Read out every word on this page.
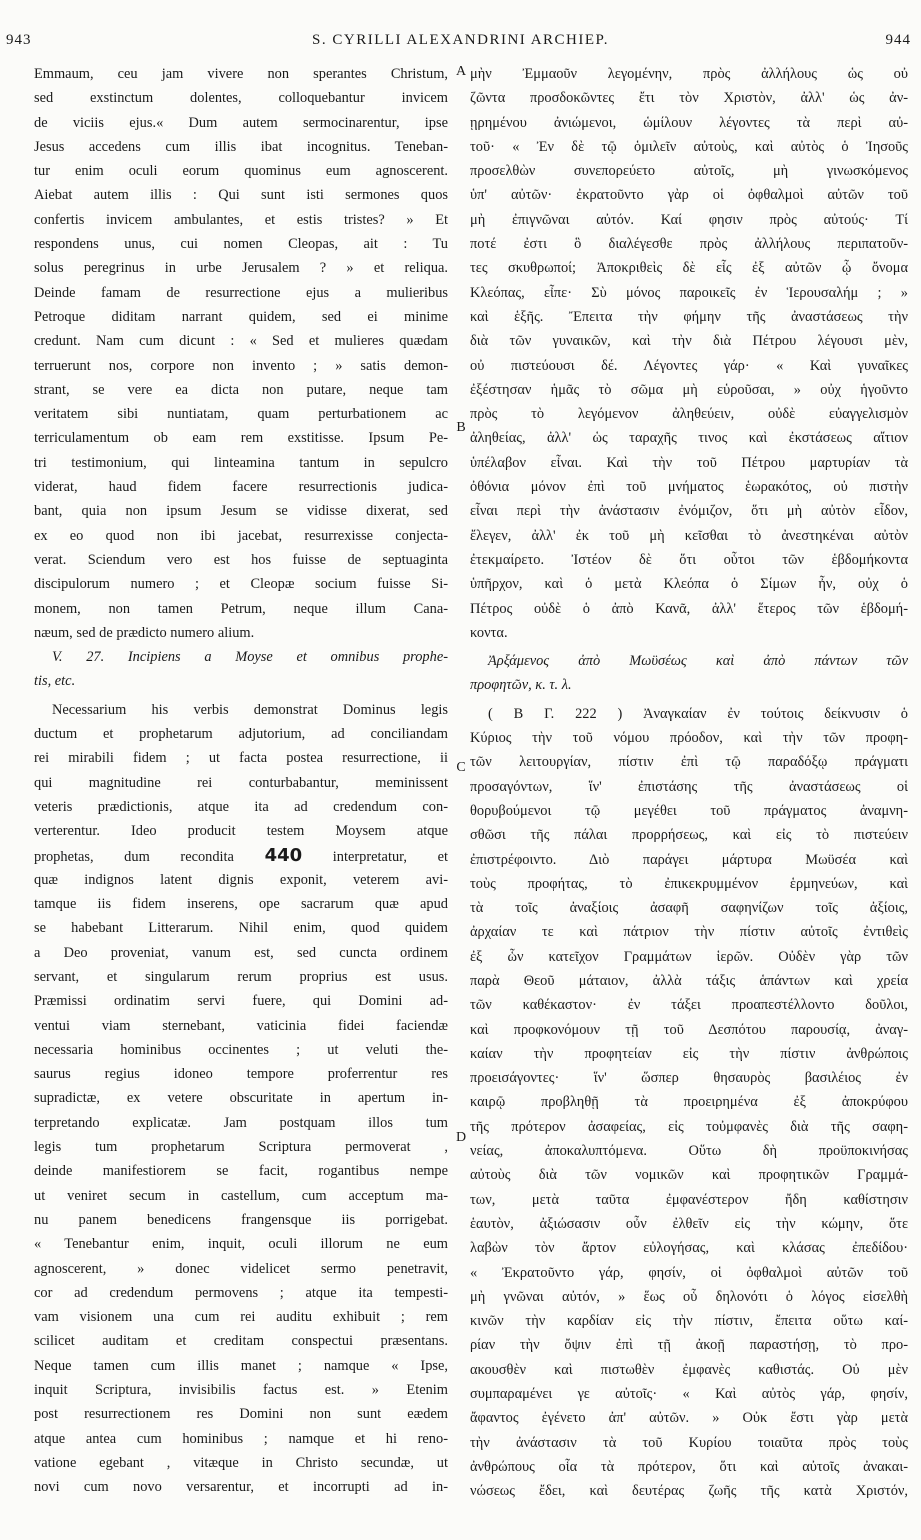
943	S. CYRILLI ALEXANDRINI ARCHIEP.	944
Emmaum, ceu jam vivere non sperantes Christum,
sed exstinctum dolentes, colloquebantur invicem
de viciis ejus.« Dum autem sermocinarentur, ipse
Jesus accedens cum illis ibat incognitus. Teneban-
tur enim oculi eorum quominus eum agnoscerent.
Aiebat autem illis : Qui sunt isti sermones quos
confertis invicem ambulantes, et estis tristes? » Et
respondens unus, cui nomen Cleopas, ait : Tu
solus peregrinus in urbe Jerusalem ? » et reliqua.
Deinde famam de resurrectione ejus a mulieribus
Petroque diditam narrant quidem, sed ei minime
credunt. Nam cum dicunt : « Sed et mulieres quædam
terruerunt nos, corpore non invento ; » satis demon-
strant, se vere ea dicta non putare, neque tam
veritatem sibi nuntiatam, quam perturbationem ac
terriculamentum ob eam rem exstitisse. Ipsum Pe-
tri testimonium, qui linteamina tantum in sepulcro
viderat, haud fidem facere resurrectionis judica-
bant, quia non ipsum Jesum se vidisse dixerat, sed
ex eo quod non ibi jacebat, resurrexisse conjecta-
verat. Sciendum vero est hos fuisse de septuaginta
discipulorum numero ; et Cleopæ socium fuisse Si-
monem, non tamen Petrum, neque illum Cana-
næum, sed de prædicto numero alium.
V. 27. Incipiens a Moyse et omnibus prophe-
tis, etc.
Necessarium his verbis demonstrat Dominus legis
ductum et prophetarum adjutorium, ad conciliandam
rei mirabili fidem ; ut facta postea resurrectione, ii
qui magnitudine rei conturbabantur, meminissent
veteris prædictionis, atque ita ad credendum con-
verterentur. Ideo producit testem Moysem atque
prophetas, dum recondita 440 interpretatur, et
quæ indignos latent dignis exponit, veterem avi-
tamque iis fidem inserens, ope sacrarum quæ apud
se habebant Litterarum. Nihil enim, quod quidem
a Deo proveniat, vanum est, sed cuncta ordinem
servant, et singularum rerum proprius est usus.
Præmissi ordinatim servi fuere, qui Domini ad-
ventui viam sternebant, vaticinia fidei faciendæ
necessaria hominibus occinentes ; ut veluti the-
saurus regius idoneo tempore proferrentur res
supradictæ, ex vetere obscuritate in apertum in-
terpretando explicatæ. Jam postquam illos tum
legis tum prophetarum Scriptura permoverat ,
deinde manifestiorem se facit, rogantibus nempe
ut veniret secum in castellum, cum acceptum ma-
nu panem benedicens frangensque iis porrigebat.
« Tenebantur enim, inquit, oculi illorum ne eum
agnoscerent, » donec videlicet sermo penetravit,
cor ad credendum permovens ; atque ita tempesti-
vam visionem una cum rei auditu exhibuit ; rem
scilicet auditam et creditam conspectui præsentans.
Neque tamen cum illis manet ; namque « Ipse,
inquit Scriptura, invisibilis factus est. » Etenim
post resurrectionem res Domini non sunt eædem
atque antea cum hominibus ; namque et hi reno-
vatione egebant , vitæque in Christo secundæ, ut
novi cum novo versarentur, et incorrupti ad in-
A
B
C
D
μὴν Ἐμμαοῦν λεγομένην, πρὸς ἀλλήλους ὡς οὐ
ζῶντα προσδοκῶντες ἔτι τὸν Χριστὸν, ἀλλ' ὡς ἀν-
ῃρημένου ἀνιώμενοι, ὡμίλουν λέγοντες τὰ περὶ αὐ-
τοῦ· « Ἐν δὲ τῷ ὁμιλεῖν αὐτοὺς, καὶ αὐτὸς ὁ Ἰησοῦς
προσελθὼν συνεπορεύετο αὐτοῖς, μὴ γινωσκόμενος
ὑπ' αὐτῶν· ἐκρατοῦντο γὰρ οἱ ὀφθαλμοὶ αὐτῶν τοῦ
μὴ ἐπιγνῶναι αὐτόν. Καί φησιν πρὸς αὐτούς· Τί
ποτέ ἐστι ὃ διαλέγεσθε πρὸς ἀλλήλους περιπατοῦν-
τες σκυθρωποί; Ἀποκριθεὶς δὲ εἷς ἐξ αὐτῶν ᾧ ὄνομα
Κλεόπας, εἶπε· Σὺ μόνος παροικεῖς ἐν Ἱερουσαλήμ ; »
καὶ ἑξῆς. Ἔπειτα τὴν φήμην τῆς ἀναστάσεως τὴν
διὰ τῶν γυναικῶν, καὶ τὴν διὰ Πέτρου λέγουσι μὲν,
οὐ πιστεύουσι δέ. Λέγοντες γάρ· « Καὶ γυναῖκες
ἐξέστησαν ἡμᾶς τὸ σῶμα μὴ εὑροῦσαι, » οὐχ ἡγοῦντο
πρὸς τὸ λεγόμενον ἀληθεύειν, οὐδὲ εὐαγγελισμὸν
ἀληθείας, ἀλλ' ὡς ταραχῆς τινος καὶ ἐκστάσεως αἴτιον
ὑπέλαβον εἶναι. Καὶ τὴν τοῦ Πέτρου μαρτυρίαν τὰ
ὀθόνια μόνον ἐπὶ τοῦ μνήματος ἑωρακότος, οὐ πιστὴν
εἶναι περὶ τὴν ἀνάστασιν ἐνόμιζον, ὅτι μὴ αὐτὸν εἶδον,
ἔλεγεν, ἀλλ' ἐκ τοῦ μὴ κεῖσθαι τὸ ἀνεστηκέναι αὐτὸν
ἐτεκμαίρετο. Ἰστέον δὲ ὅτι οὗτοι τῶν ἑβδομήκοντα
ὑπῆρχον, καὶ ὁ μετὰ Κλεόπα ὁ Σίμων ἦν, οὐχ ὁ
Πέτρος οὐδὲ ὁ ἀπὸ Κανᾶ, ἀλλ' ἕτερος τῶν ἑβδομή-
κοντα.
Ἀρξάμενος ἀπὸ Μωϋσέως καὶ ἀπὸ πάντων τῶν
προφητῶν, κ. τ. λ.
( Β Γ. 222 ) Ἀναγκαίαν ἐν τούτοις δείκνυσιν ὁ
Κύριος τὴν τοῦ νόμου πρόοδον, καὶ τὴν τῶν προφη-
τῶν λειτουργίαν, πίστιν ἐπὶ τῷ παραδόξῳ πράγματι
προσαγόντων, ἵν' ἐπιστάσης τῆς ἀναστάσεως οἱ
θορυβούμενοι τῷ μεγέθει τοῦ πράγματος ἀναμνη-
σθῶσι τῆς πάλαι προρρήσεως, καὶ εἰς τὸ πιστεύειν
ἐπιστρέφοιντο. Διὸ παράγει μάρτυρα Μωϋσέα καὶ
τοὺς προφήτας, τὸ ἐπικεκρυμμένον ἑρμηνεύων, καὶ
τὰ τοῖς ἀναξίοις ἀσαφῆ σαφηνίζων τοῖς ἀξίοις,
ἀρχαίαν τε καὶ πάτριον τὴν πίστιν αὐτοῖς ἐντιθεὶς
ἐξ ὧν κατεῖχον Γραμμάτων ἱερῶν. Οὐδὲν γὰρ τῶν
παρὰ Θεοῦ μάταιον, ἀλλὰ τάξις ἁπάντων καὶ χρεία
τῶν καθέκαστον· ἐν τάξει προαπεστέλλοντο δοῦλοι,
καὶ προφκονόμουν τῇ τοῦ Δεσπότου παρουσίᾳ, ἀναγ-
καίαν τὴν προφητείαν εἰς τὴν πίστιν ἀνθρώποις
προεισάγοντες· ἵν' ὥσπερ θησαυρὸς βασιλέιος ἐν
καιρῷ προβληθῇ τὰ προειρημένα ἐξ ἀποκρύφου
τῆς πρότερον ἀσαφείας, εἰς τοὐμφανὲς διὰ τῆς σαφη-
νείας, ἀποκαλυπτόμενα. Οὕτω δὴ προϋποκινήσας
αὐτοὺς διὰ τῶν νομικῶν καὶ προφητικῶν Γραμμά-
των, μετὰ ταῦτα ἐμφανέστερον ἤδη καθίστησιν
ἑαυτὸν, ἀξιώσασιν οὖν ἐλθεῖν εἰς τὴν κώμην, ὅτε
λαβὼν τὸν ἄρτον εὐλογήσας, καὶ κλάσας ἐπεδίδου·
« Ἐκρατοῦντο γάρ, φησίν, οἱ ὀφθαλμοὶ αὐτῶν τοῦ
μὴ γνῶναι αὐτόν, » ἕως οὗ δηλονότι ὁ λόγος εἰσελθὴ
κινῶν τὴν καρδίαν εἰς τὴν πίστιν, ἔπειτα οὕτω καί-
ρίαν τὴν ὄψιν ἐπὶ τῇ ἀκοῇ παραστήσῃ, τὸ προ-
ακουσθὲν καὶ πιστωθὲν ἐμφανὲς καθιστάς. Οὐ μὲν
συμπαραμένει γε αὐτοῖς· « Καὶ αὐτὸς γάρ, φησίν,
ἄφαντος ἐγένετο ἀπ' αὐτῶν. » Οὐκ ἔστι γὰρ μετὰ
τὴν ἀνάστασιν τὰ τοῦ Κυρίου τοιαῦτα πρὸς τοὺς
ἀνθρώπους οἷα τὰ πρότερον, ὅτι καὶ αὐτοῖς ἀνακαι-
νώσεως ἔδει, καὶ δευτέρας ζωῆς τῆς κατὰ Χριστόν,
